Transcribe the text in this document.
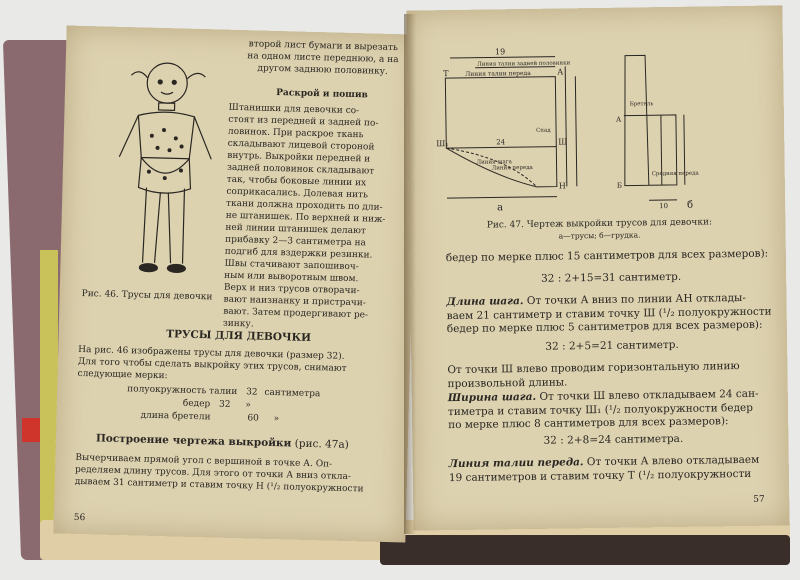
второй лист бумаги и вырезать
на одном листе переднюю, а на
другом заднюю половинку.
Раскрой и пошив
Штанишки для девочки со-
стоят из передней и задней по-
ловинок. При раскрое ткань
складывают лицевой стороной
внутрь. Выкройки передней и
задней половинок складывают
так, чтобы боковые линии их
соприкасались. Долевая нить
ткани должна проходить по дли-
не штанишек. По верхней и ниж-
ней линии штанишек делают
прибавку 2—3 сантиметра на
подгиб для вздержки резинки.
Швы стачивают запошивоч-
ным или выворотным швом.
Верх и низ трусов отворачи-
вают наизнанку и пристрачи-
вают. Затем продергивают ре-
зинку.
Рис. 46. Трусы для девочки
ТРУСЫ ДЛЯ ДЕВОЧКИ
На рис. 46 изображены трусы для девочки (размер 32).
Для того чтобы сделать выкройку этих трусов, снимают
следующие мерки:
полуокружность талии 32 сантиметра
бедер 32 »
длина бретели	60 »
Построение чертежа выкройки (рис. 47а)
Вычерчиваем прямой угол с вершиной в точке А. Оп-
ределяем длину трусов. Для этого от точки А вниз откла-
дываем 31 сантиметр и ставим точку Н (¹/₂ полуокружности
56
19
Линия талии задней половинки
Линия талии переда
Т	А
Ш
Ш₁
Н
Линия шага
Линия переда
Бретель
Средняя переда
Спад
24
10
а	б
А
Б
Рис. 47. Чертеж выкройки трусов для девочки:
а—трусы; б—грудка.
бедер по мерке плюс 15 сантиметров для всех размеров):
32 : 2+15=31 сантиметр.
Длина шага. От точки А вниз по линии АН отклады-
ваем 21 сантиметр и ставим точку Ш (¹/₂ полуокружности
бедер по мерке плюс 5 сантиметров для всех размеров):
32 : 2+5=21 сантиметр.
От точки Ш влево проводим горизонтальную линию
произвольной длины.
Ширина шага. От точки Ш влево откладываем 24 сан-
тиметра и ставим точку Ш₁ (¹/₂ полуокружности бедер
по мерке плюс 8 сантиметров для всех размеров):
32 : 2+8=24 сантиметра.
Линия талии переда. От точки А влево откладываем
19 сантиметров и ставим точку Т (¹/₂ полуокружности
57
